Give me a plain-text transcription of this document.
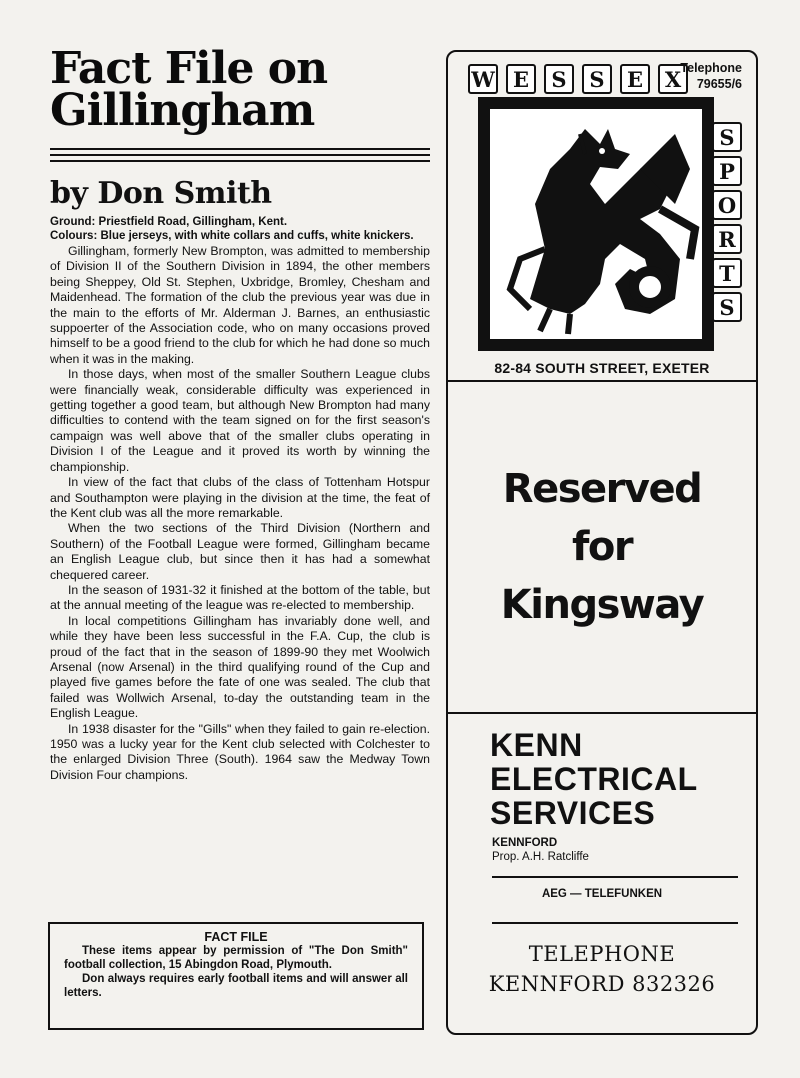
Fact File on
Gillingham
by Don Smith

Ground: Priestfield Road, Gillingham, Kent.

Colours: Blue jerseys, with white collars and cuffs, white knickers.

Gillingham, formerly New Brompton, was admitted to membership of Division II of the Southern Division in 1894, the other members being Sheppey, Old St. Stephen, Uxbridge, Bromley, Chesham and Maidenhead. The formation of the club the previous year was due in the main to the efforts of Mr. Alderman J. Barnes, an enthusiastic suppoerter of the Association code, who on many occasions proved himself to be a good friend to the club for which he had done so much when it was in the making.

In those days, when most of the smaller Southern League clubs were financially weak, considerable difficulty was experienced in getting together a good team, but although New Brompton had many difficulties to contend with the team signed on for the first season's campaign was well above that of the smaller clubs operating in Division I of the League and it proved its worth by winning the championship.

In view of the fact that clubs of the class of Tottenham Hotspur and Southampton were playing in the division at the time, the feat of the Kent club was all the more remarkable.

When the two sections of the Third Division (Northern and Southern) of the Football League were formed, Gillingham became an English League club, but since then it has had a somewhat chequered career.

In the season of 1931-32 it finished at the bottom of the table, but at the annual meeting of the league was re-elected to membership.

In local competitions Gillingham has invariably done well, and while they have been less successful in the F.A. Cup, the club is proud of the fact that in the season of 1899-90 they met Woolwich Arsenal (now Arsenal) in the third qualifying round of the Cup and played five games before the fate of one was sealed. The club that failed was Wollwich Arsenal, to-day the outstanding team in the English League.

In 1938 disaster for the "Gills" when they failed to gain re-election. 1950 was a lucky year for the Kent club selected with Colchester to the enlarged Division Three (South). 1964 saw the Medway Town Division Four champions.

FACT FILE

These items appear by permission of "The Don Smith" football collection, 15 Abingdon Road, Plymouth.

Don always requires early football items and will answer all letters.

W E	S	S	E	X Telephone
79655/6
S
P
O
R
T
S
82-84 SOUTH STREET, EXETER
Reserved
for
Kingsway
KENN
ELECTRICAL
SERVICES
KENNFORD
Prop. A.H. Ratcliffe
AEG — TELEFUNKEN
TELEPHONE
KENNFORD 832326
